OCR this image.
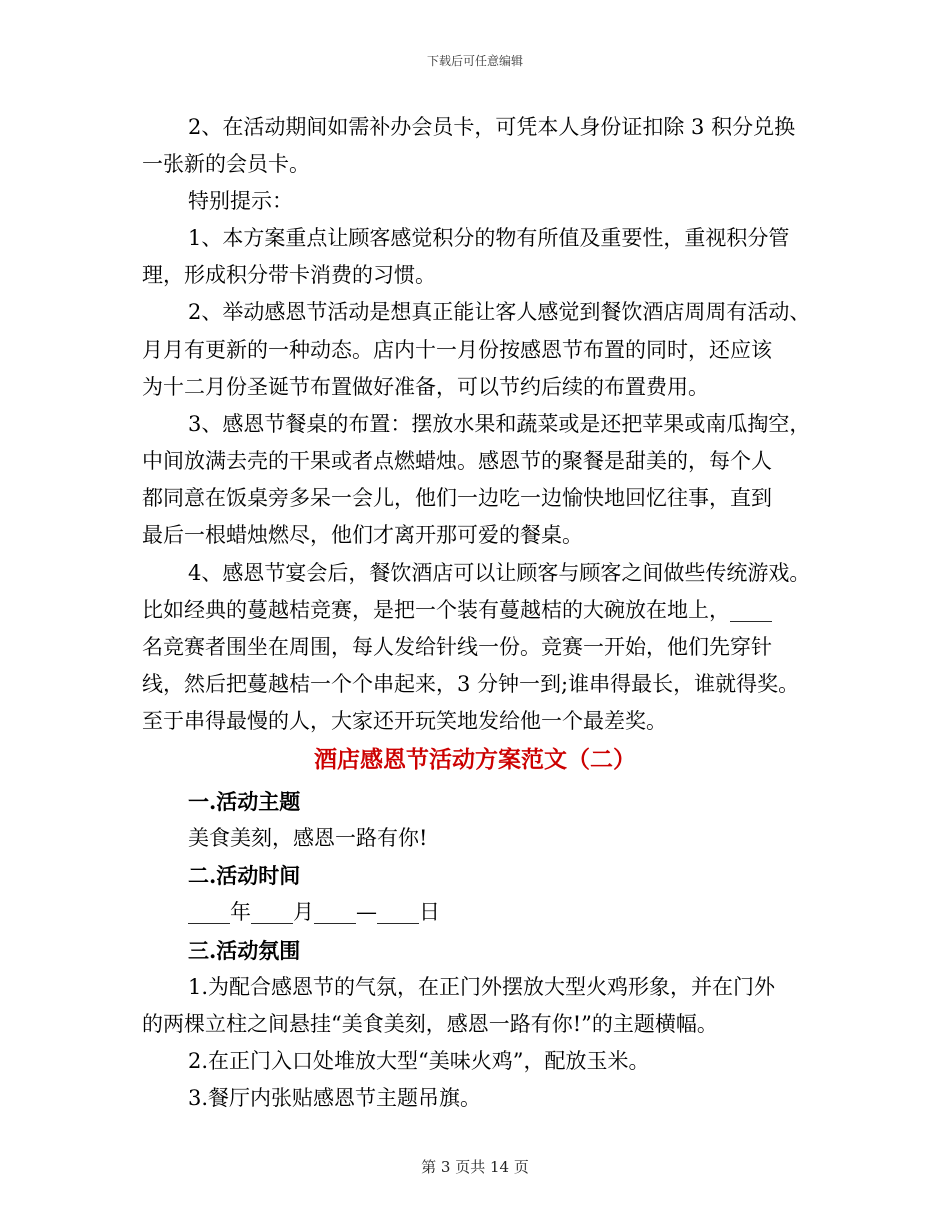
下载后可任意编辑
2、在活动期间如需补办会员卡，可凭本人身份证扣除 3 积分兑换
一张新的会员卡。
特别提示：
1、本方案重点让顾客感觉积分的物有所值及重要性，重视积分管
理，形成积分带卡消费的习惯。
2、举动感恩节活动是想真正能让客人感觉到餐饮酒店周周有活动、
月月有更新的一种动态。店内十一月份按感恩节布置的同时，还应该
为十二月份圣诞节布置做好准备，可以节约后续的布置费用。
3、感恩节餐桌的布置：摆放水果和蔬菜或是还把苹果或南瓜掏空，
中间放满去壳的干果或者点燃蜡烛。感恩节的聚餐是甜美的，每个人
都同意在饭桌旁多呆一会儿，他们一边吃一边愉快地回忆往事，直到
最后一根蜡烛燃尽，他们才离开那可爱的餐桌。
4、感恩节宴会后，餐饮酒店可以让顾客与顾客之间做些传统游戏。
比如经典的蔓越桔竞赛，是把一个装有蔓越桔的大碗放在地上，____
名竞赛者围坐在周围，每人发给针线一份。竞赛一开始，他们先穿针
线，然后把蔓越桔一个个串起来，3 分钟一到;谁串得最长，谁就得奖。
至于串得最慢的人，大家还开玩笑地发给他一个最差奖。
酒店感恩节活动方案范文（二）
一.活动主题
美食美刻，感恩一路有你!
二.活动时间
____年____月____—____日
三.活动氛围
1.为配合感恩节的气氛，在正门外摆放大型火鸡形象，并在门外
的两棵立柱之间悬挂“美食美刻，感恩一路有你!”的主题横幅。
2.在正门入口处堆放大型“美味火鸡”，配放玉米。
3.餐厅内张贴感恩节主题吊旗。
第 3 页共 14 页
